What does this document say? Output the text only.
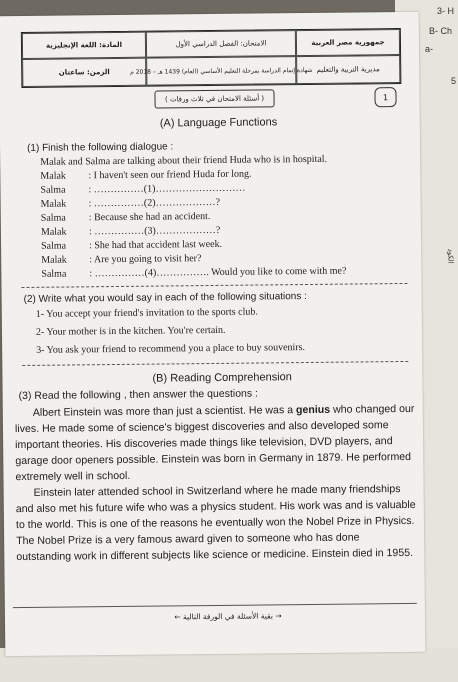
3- H
B- Ch
a-
5
الكود
جمهورية مصر العربية
الامتحان: الفصل الدراسي الأول
المادة: اللغة الإنجليزية
مديرية التربية والتعليم
شهادة إتمام الدراسة بمرحلة التعليم الأساسي (العام) 1439 هـ – 2018 م
الزمن: ساعتان
( أسئلة الامتحان في ثلاث ورقات )	1
(A) Language Functions
(1) Finish the following dialogue :
Malak and Salma are talking about their friend Huda who is in hospital.
Malak : I haven't seen our friend Huda for long.
Salma : ……………(1)………………………
Malak : ……………(2)………………?
Salma : Because she had an accident.
Malak : ……………(3)………………?
Salma : She had that accident last week.
Malak : Are you going to visit her?
Salma : ……………(4)……………. Would you like to come with me?
(2) Write what you would say in each of the following situations :
1- You accept your friend's invitation to the sports club.
2- Your mother is in the kitchen. You're certain.
3- You ask your friend to recommend you a place to buy souvenirs.
(B) Reading Comprehension
(3) Read the following , then answer the questions :
Albert Einstein was more than just a scientist. He was a genius who changed our lives. He made some of science's biggest discoveries and also developed some important theories. His discoveries made things like television, DVD players, and garage door openers possible. Einstein was born in Germany in 1879. He performed extremely well in school.
Einstein later attended school in Switzerland where he made many friendships and also met his future wife who was a physics student. His work was and is valuable to the world. This is one of the reasons he eventually won the Nobel Prize in Physics. The Nobel Prize is a very famous award given to someone who has done outstanding work in different subjects like science or medicine. Einstein died in 1955.
→ بقية الأسئلة في الورقة التالية ←
